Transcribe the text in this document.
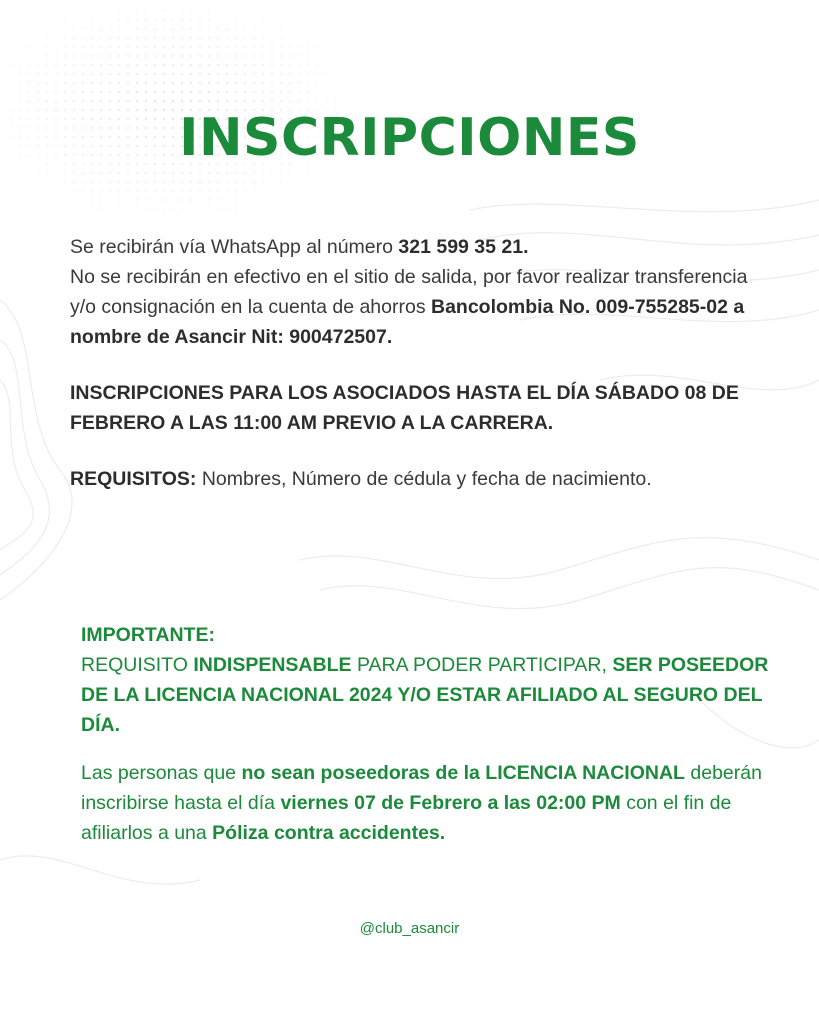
INSCRIPCIONES

Se recibirán vía WhatsApp al número 321 599 35 21.

No se recibirán en efectivo en el sitio de salida, por favor realizar transferencia y/o consignación en la cuenta de ahorros Bancolombia No. 009-755285-02 a nombre de Asancir Nit: 900472507.

INSCRIPCIONES PARA LOS ASOCIADOS HASTA EL DÍA SÁBADO 08 DE FEBRERO A LAS 11:00 AM PREVIO A LA CARRERA.

REQUISITOS: Nombres, Número de cédula y fecha de nacimiento.

IMPORTANTE:

REQUISITO INDISPENSABLE PARA PODER PARTICIPAR, SER POSEEDOR DE LA LICENCIA NACIONAL 2024 Y/O ESTAR AFILIADO AL SEGURO DEL DÍA.

Las personas que no sean poseedoras de la LICENCIA NACIONAL deberán inscribirse hasta el día viernes 07 de Febrero a las 02:00 PM con el fin de afiliarlos a una Póliza contra accidentes.

@club_asancir
